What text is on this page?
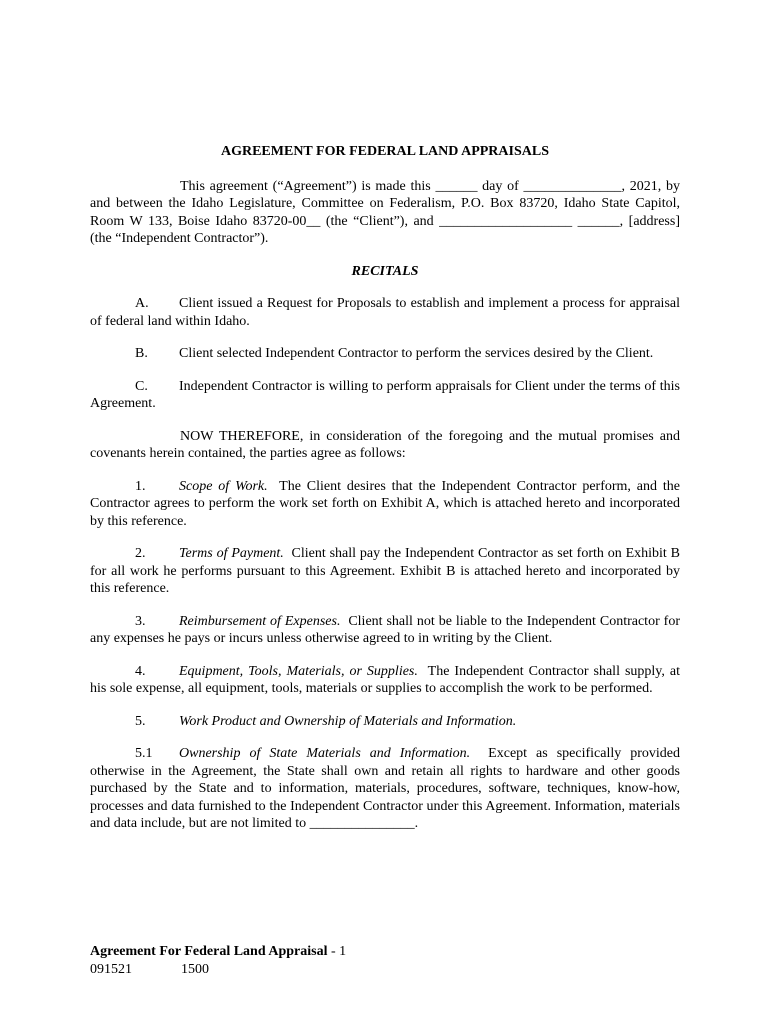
AGREEMENT FOR FEDERAL LAND APPRAISALS

This agreement (“Agreement”) is made this ______ day of ______________, 2021, by and between the Idaho Legislature, Committee on Federalism, P.O. Box 83720, Idaho State Capitol, Room W 133, Boise Idaho 83720-00__ (the “Client”), and ___________________ ______, [address] (the “Independent Contractor”).

RECITALS

A. Client issued a Request for Proposals to establish and implement a process for appraisal of federal land within Idaho.

B. Client selected Independent Contractor to perform the services desired by the Client.

C. Independent Contractor is willing to perform appraisals for Client under the terms of this Agreement.

NOW THEREFORE, in consideration of the foregoing and the mutual promises and covenants herein contained, the parties agree as follows:

1. Scope of Work. The Client desires that the Independent Contractor perform, and the Contractor agrees to perform the work set forth on Exhibit A, which is attached hereto and incorporated by this reference.

2. Terms of Payment. Client shall pay the Independent Contractor as set forth on Exhibit B for all work he performs pursuant to this Agreement. Exhibit B is attached hereto and incorporated by this reference.

3. Reimbursement of Expenses. Client shall not be liable to the Independent Contractor for any expenses he pays or incurs unless otherwise agreed to in writing by the Client.

4. Equipment, Tools, Materials, or Supplies. The Independent Contractor shall supply, at his sole expense, all equipment, tools, materials or supplies to accomplish the work to be performed.

5. Work Product and Ownership of Materials and Information.

5.1 Ownership of State Materials and Information. Except as specifically provided otherwise in the Agreement, the State shall own and retain all rights to hardware and other goods purchased by the State and to information, materials, procedures, software, techniques, know-how, processes and data furnished to the Independent Contractor under this Agreement. Information, materials and data include, but are not limited to _______________.

Agreement For Federal Land Appraisal - 1
091521	1500
